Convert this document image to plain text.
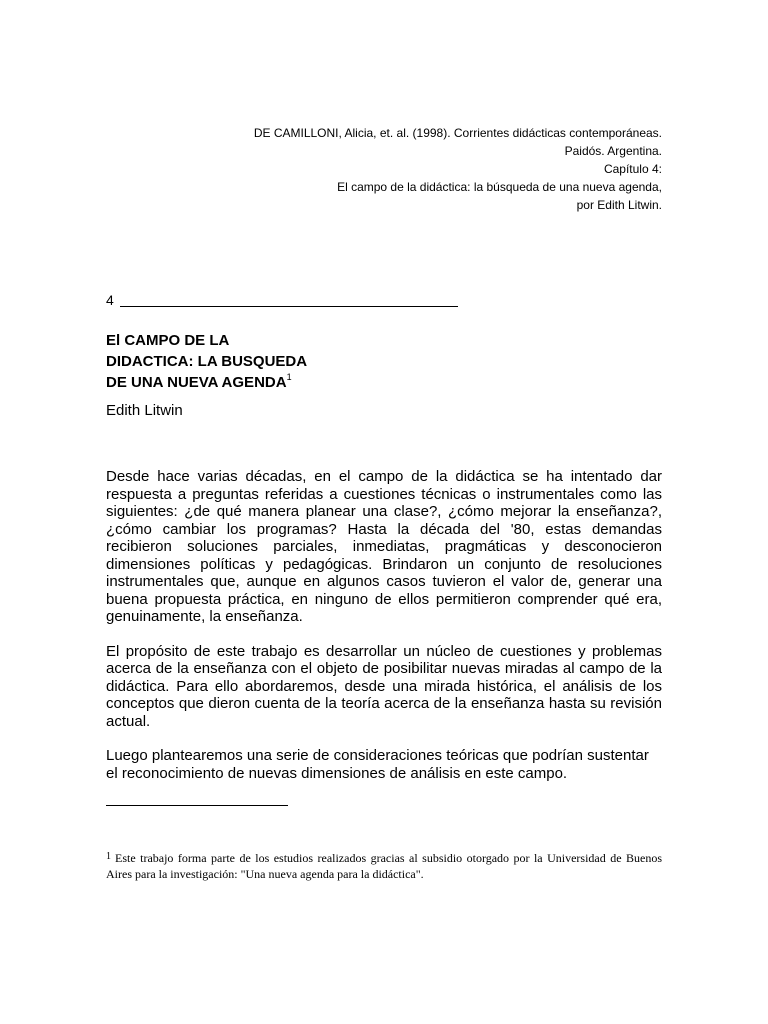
DE CAMILLONI, Alicia, et. al. (1998). Corrientes didácticas contemporáneas.
Paidós. Argentina.
Capítulo 4:
El campo de la didáctica: la búsqueda de una nueva agenda,
por Edith Litwin.
4
El CAMPO DE LA
DIDACTICA: LA BUSQUEDA
DE UNA NUEVA AGENDA$^1$
Edith Litwin

Desde hace varias décadas, en el campo de la didáctica se ha intentado dar respuesta a preguntas referidas a cuestiones técnicas o instrumentales como las siguientes: ¿de qué manera planear una clase?, ¿cómo mejorar la enseñanza?, ¿cómo cambiar los programas? Hasta la década del '80, estas demandas recibieron soluciones parciales, inmediatas, pragmáticas y desconocieron dimensiones políticas y pedagógicas. Brindaron un conjunto de resoluciones instrumentales que, aunque en algunos casos tuvieron el valor de, generar una buena propuesta práctica, en ninguno de ellos permitieron comprender qué era, genuinamente, la enseñanza.

El propósito de este trabajo es desarrollar un núcleo de cuestiones y problemas acerca de la enseñanza con el objeto de posibilitar nuevas miradas al campo de la didáctica. Para ello abordaremos, desde una mirada histórica, el análisis de los conceptos que dieron cuenta de la teoría acerca de la enseñanza hasta su revisión actual.

Luego plantearemos una serie de consideraciones teóricas que podrían sustentar el reconocimiento de nuevas dimensiones de análisis en este campo.

$^1$ Este trabajo forma parte de los estudios realizados gracias al subsidio otorgado por la Universidad de Buenos Aires para la investigación: "Una nueva agenda para la didáctica".
